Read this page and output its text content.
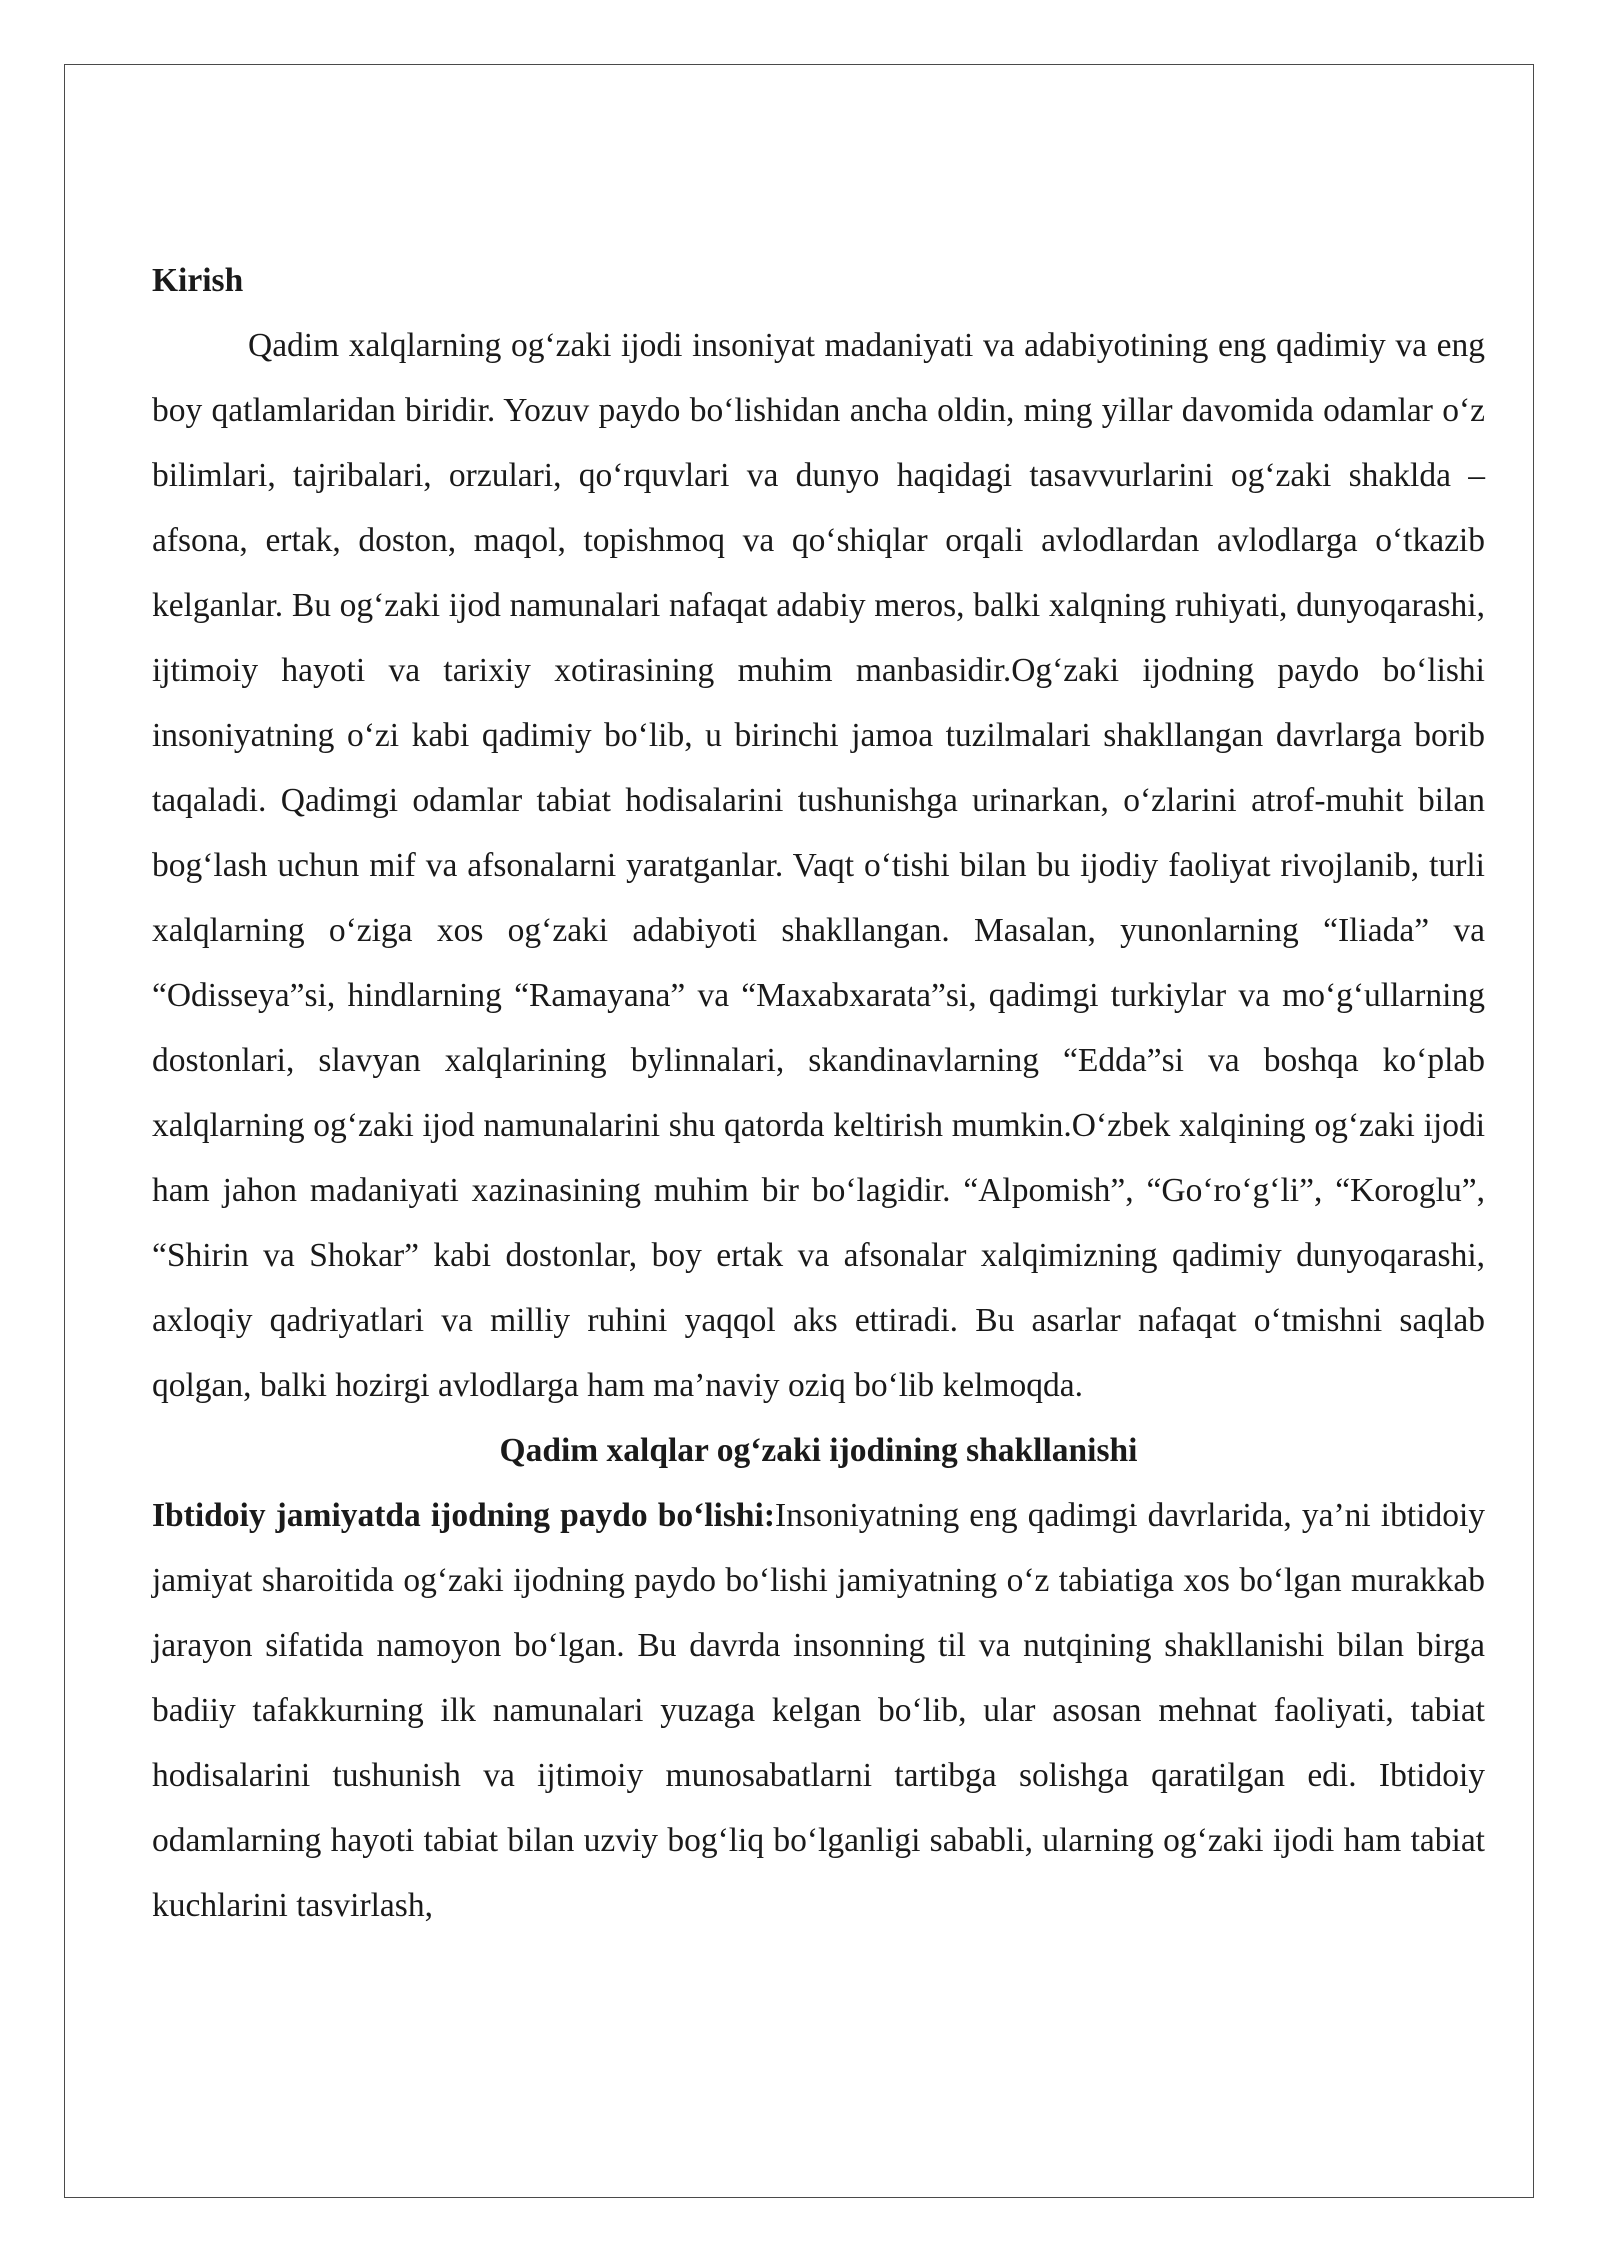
Kirish

Qadim xalqlarning og‘zaki ijodi insoniyat madaniyati va adabiyotining eng qadimiy va eng boy qatlamlaridan biridir. Yozuv paydo bo‘lishidan ancha oldin, ming yillar davomida odamlar o‘z bilimlari, tajribalari, orzulari, qo‘rquvlari va dunyo haqidagi tasavvurlarini og‘zaki shaklda – afsona, ertak, doston, maqol, topishmoq va qo‘shiqlar orqali avlodlardan avlodlarga o‘tkazib kelganlar. Bu og‘zaki ijod namunalari nafaqat adabiy meros, balki xalqning ruhiyati, dunyoqarashi, ijtimoiy hayoti va tarixiy xotirasining muhim manbasidir.Og‘zaki ijodning paydo bo‘lishi insoniyatning o‘zi kabi qadimiy bo‘lib, u birinchi jamoa tuzilmalari shakllangan davrlarga borib taqaladi. Qadimgi odamlar tabiat hodisalarini tushunishga urinarkan, o‘zlarini atrof-muhit bilan bog‘lash uchun mif va afsonalarni yaratganlar. Vaqt o‘tishi bilan bu ijodiy faoliyat rivojlanib, turli xalqlarning o‘ziga xos og‘zaki adabiyoti shakllangan. Masalan, yunonlarning “Iliada” va “Odisseya”si, hindlarning “Ramayana” va “Maxabxarata”si, qadimgi turkiylar va mo‘g‘ullarning dostonlari, slavyan xalqlarining bylinnalari, skandinavlarning “Edda”si va boshqa ko‘plab xalqlarning og‘zaki ijod namunalarini shu qatorda keltirish mumkin.O‘zbek xalqining og‘zaki ijodi ham jahon madaniyati xazinasining muhim bir bo‘lagidir. “Alpomish”, “Go‘ro‘g‘li”, “Koroglu”, “Shirin va Shokar” kabi dostonlar, boy ertak va afsonalar xalqimizning qadimiy dunyoqarashi, axloqiy qadriyatlari va milliy ruhini yaqqol aks ettiradi. Bu asarlar nafaqat o‘tmishni saqlab qolgan, balki hozirgi avlodlarga ham ma’naviy oziq bo‘lib kelmoqda.

Qadim xalqlar og‘zaki ijodining shakllanishi

Ibtidoiy jamiyatda ijodning paydo bo‘lishi:Insoniyatning eng qadimgi davrlarida, ya’ni ibtidoiy jamiyat sharoitida og‘zaki ijodning paydo bo‘lishi jamiyatning o‘z tabiatiga xos bo‘lgan murakkab jarayon sifatida namoyon bo‘lgan. Bu davrda insonning til va nutqining shakllanishi bilan birga badiiy tafakkurning ilk namunalari yuzaga kelgan bo‘lib, ular asosan mehnat faoliyati, tabiat hodisalarini tushunish va ijtimoiy munosabatlarni tartibga solishga qaratilgan edi. Ibtidoiy odamlarning hayoti tabiat bilan uzviy bog‘liq bo‘lganligi sababli, ularning og‘zaki ijodi ham tabiat kuchlarini tasvirlash,
